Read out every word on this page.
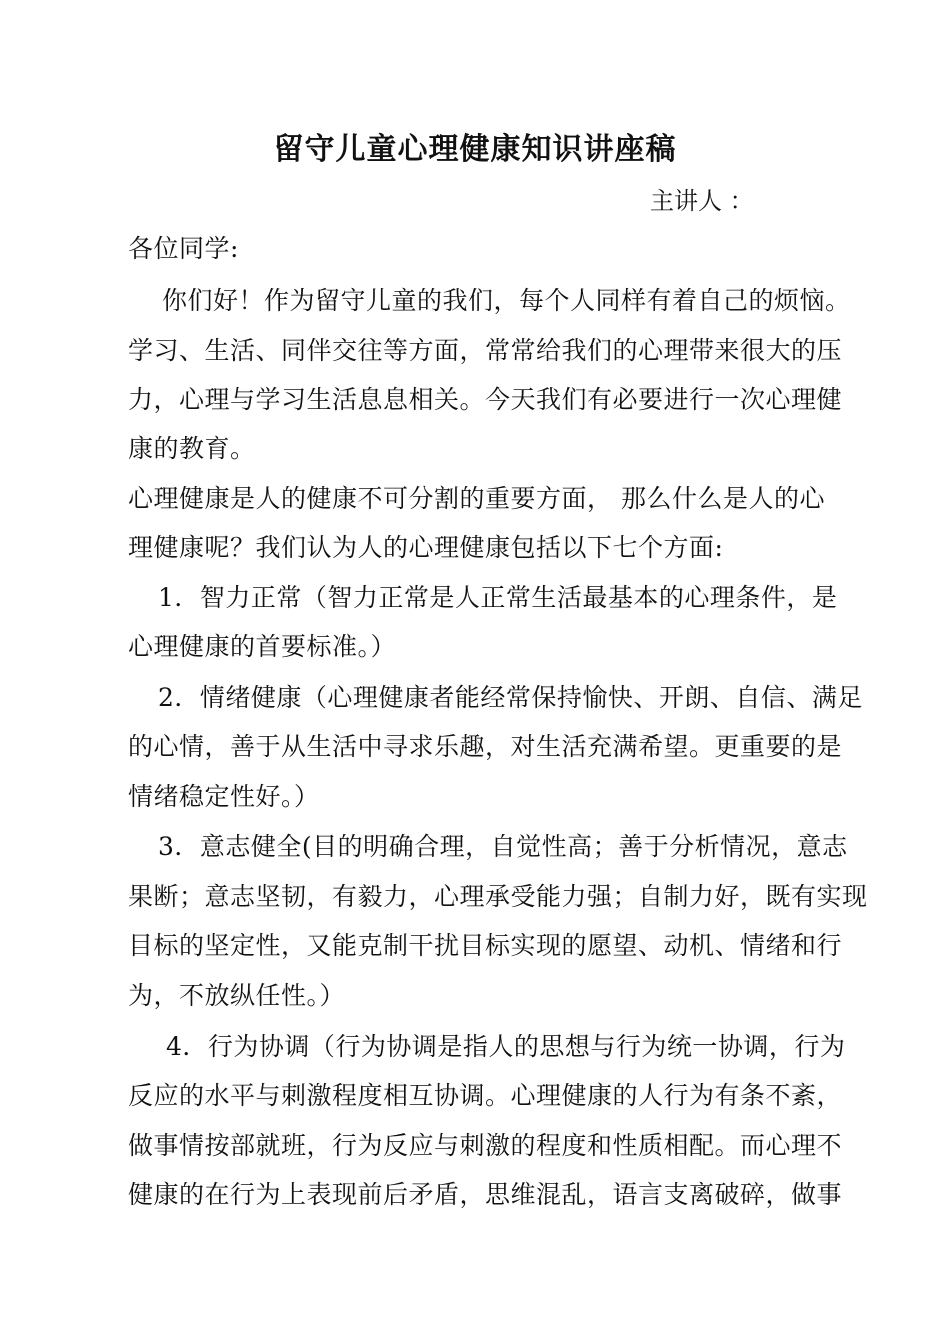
留守儿童心理健康知识讲座稿
主讲人 ：
各位同学:
你们好！作为留守儿童的我们，每个人同样有着自己的烦恼。
学习、生活、同伴交往等方面，常常给我们的心理带来很大的压
力，心理与学习生活息息相关。今天我们有必要进行一次心理健
康的教育。
心理健康是人的健康不可分割的重要方面， 那么什么是人的心
理健康呢？我们认为人的心理健康包括以下七个方面:
1．智力正常（智力正常是人正常生活最基本的心理条件，是
心理健康的首要标准。）
2．情绪健康（心理健康者能经常保持愉快、开朗、自信、满足
的心情，善于从生活中寻求乐趣，对生活充满希望。更重要的是
情绪稳定性好。）
3．意志健全(目的明确合理，自觉性高；善于分析情况，意志
果断；意志坚韧，有毅力，心理承受能力强；自制力好，既有实现
目标的坚定性，又能克制干扰目标实现的愿望、动机、情绪和行
为，不放纵任性。）
4．行为协调（行为协调是指人的思想与行为统一协调，行为
反应的水平与刺激程度相互协调。心理健康的人行为有条不紊，
做事情按部就班，行为反应与刺激的程度和性质相配。而心理不
健康的在行为上表现前后矛盾，思维混乱，语言支离破碎，做事
